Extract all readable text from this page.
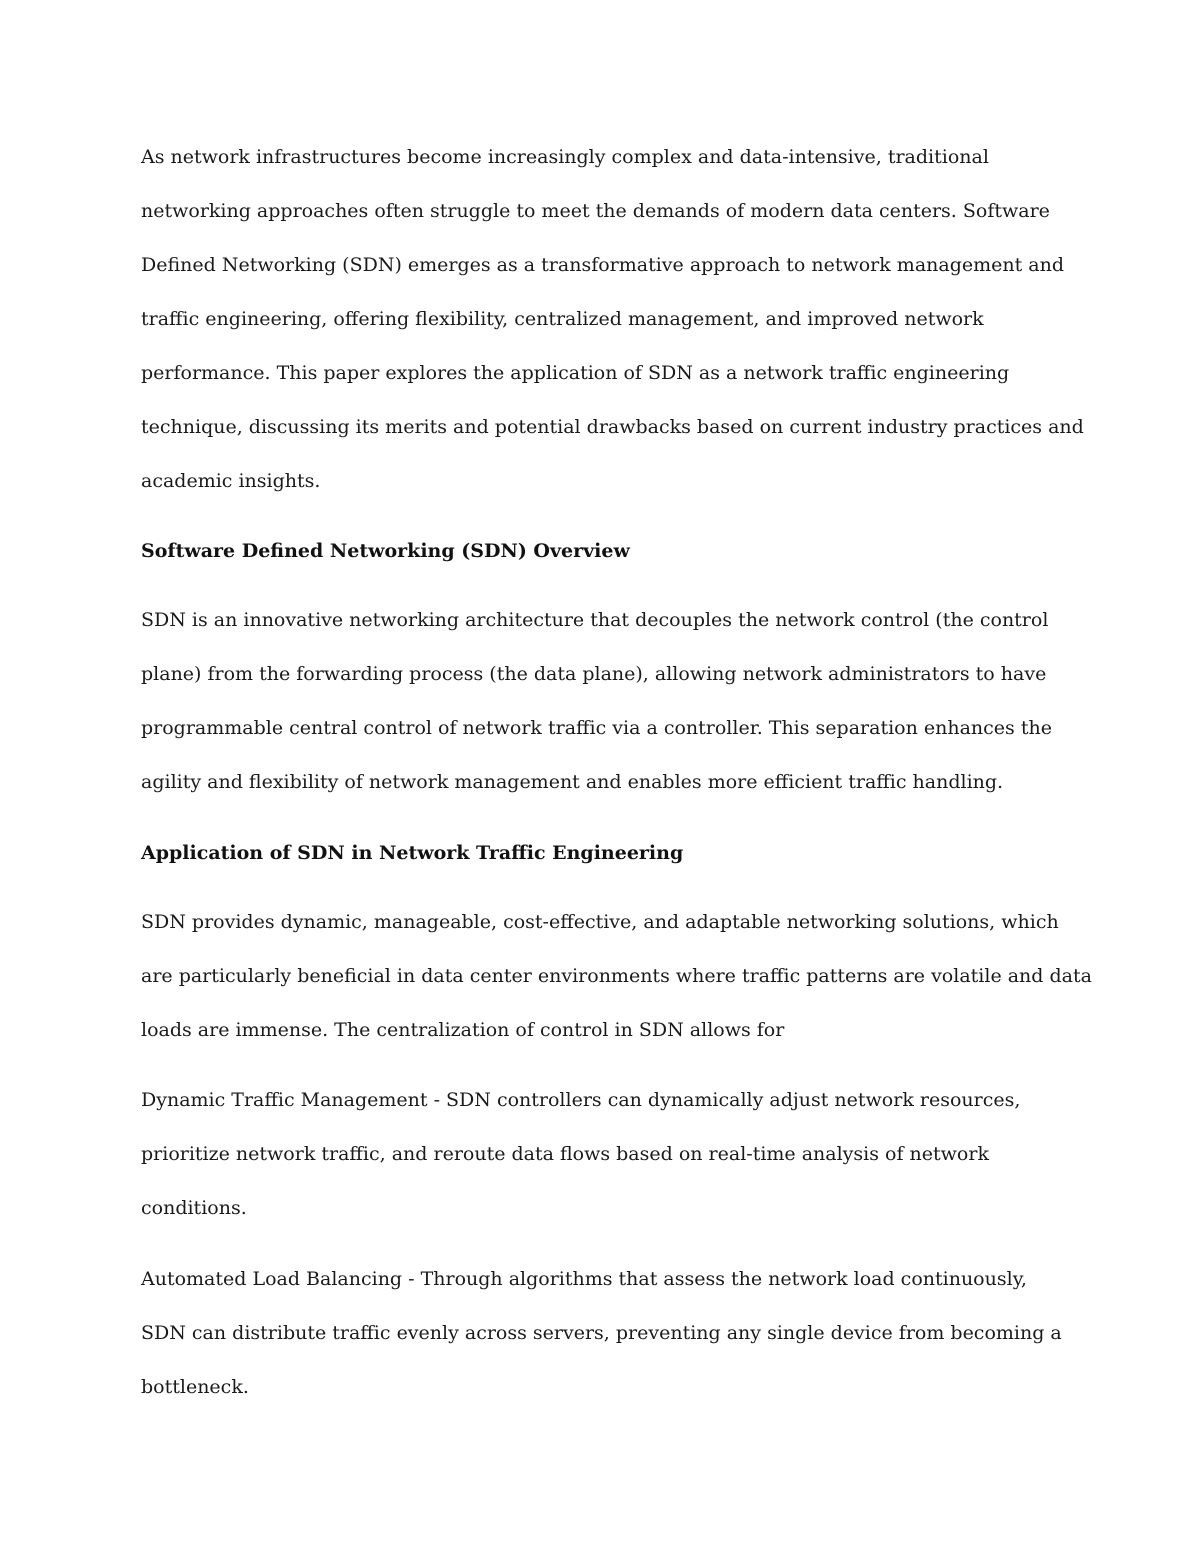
As network infrastructures become increasingly complex and data-intensive, traditional

networking approaches often struggle to meet the demands of modern data centers. Software

Defined Networking (SDN) emerges as a transformative approach to network management and

traffic engineering, offering flexibility, centralized management, and improved network

performance. This paper explores the application of SDN as a network traffic engineering

technique, discussing its merits and potential drawbacks based on current industry practices and

academic insights.

Software Defined Networking (SDN) Overview

SDN is an innovative networking architecture that decouples the network control (the control

plane) from the forwarding process (the data plane), allowing network administrators to have

programmable central control of network traffic via a controller. This separation enhances the

agility and flexibility of network management and enables more efficient traffic handling.

Application of SDN in Network Traffic Engineering

SDN provides dynamic, manageable, cost-effective, and adaptable networking solutions, which

are particularly beneficial in data center environments where traffic patterns are volatile and data

loads are immense. The centralization of control in SDN allows for

Dynamic Traffic Management - SDN controllers can dynamically adjust network resources,

prioritize network traffic, and reroute data flows based on real-time analysis of network

conditions.

Automated Load Balancing - Through algorithms that assess the network load continuously,

SDN can distribute traffic evenly across servers, preventing any single device from becoming a

bottleneck.
